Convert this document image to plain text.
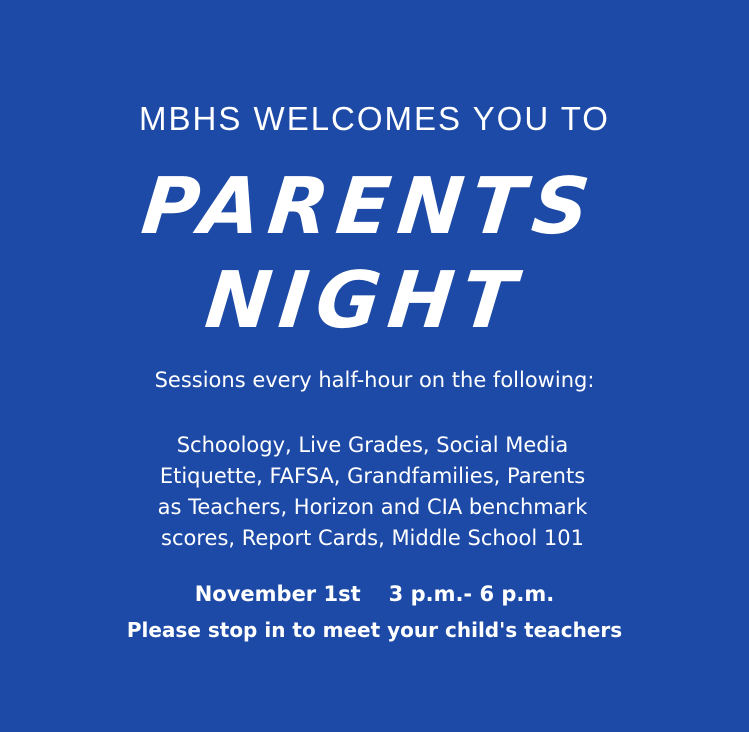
MBHS WELCOMES YOU TO
PARENTS
NIGHT
Sessions every half-hour on the following:
Schoology, Live Grades, Social Media
Etiquette, FAFSA, Grandfamilies, Parents
as Teachers, Horizon and CIA benchmark
scores, Report Cards, Middle School 101
November 1st 3 p.m.- 6 p.m.
Please stop in to meet your child's teachers
